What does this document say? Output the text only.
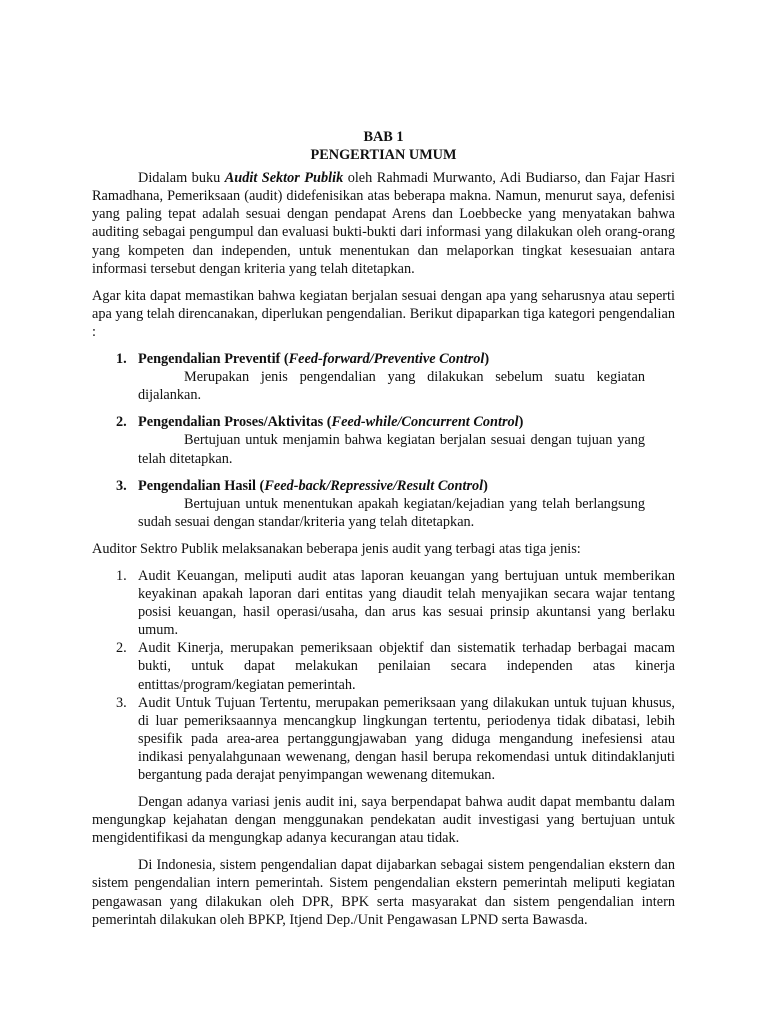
BAB 1
PENGERTIAN UMUM

Didalam buku Audit Sektor Publik oleh Rahmadi Murwanto, Adi Budiarso, dan Fajar Hasri Ramadhana, Pemeriksaan (audit) didefenisikan atas beberapa makna. Namun, menurut saya, defenisi yang paling tepat adalah sesuai dengan pendapat Arens dan Loebbecke yang menyatakan bahwa auditing sebagai pengumpul dan evaluasi bukti-bukti dari informasi yang dilakukan oleh orang-orang yang kompeten dan independen, untuk menentukan dan melaporkan tingkat kesesuaian antara informasi tersebut dengan kriteria yang telah ditetapkan.

Agar kita dapat memastikan bahwa kegiatan berjalan sesuai dengan apa yang seharusnya atau seperti apa yang telah direncanakan, diperlukan pengendalian. Berikut dipaparkan tiga kategori pengendalian :

1. Pengendalian Preventif (Feed-forward/Preventive Control)
Merupakan jenis pengendalian yang dilakukan sebelum suatu kegiatan dijalankan.
2. Pengendalian Proses/Aktivitas (Feed-while/Concurrent Control)
Bertujuan untuk menjamin bahwa kegiatan berjalan sesuai dengan tujuan yang telah ditetapkan.
3. Pengendalian Hasil (Feed-back/Repressive/Result Control)
Bertujuan untuk menentukan apakah kegiatan/kejadian yang telah berlangsung sudah sesuai dengan standar/kriteria yang telah ditetapkan.

Auditor Sektro Publik melaksanakan beberapa jenis audit yang terbagi atas tiga jenis:

1. Audit Keuangan, meliputi audit atas laporan keuangan yang bertujuan untuk memberikan keyakinan apakah laporan dari entitas yang diaudit telah menyajikan secara wajar tentang posisi keuangan, hasil operasi/usaha, dan arus kas sesuai prinsip akuntansi yang berlaku umum.
2. Audit Kinerja, merupakan pemeriksaan objektif dan sistematik terhadap berbagai macam bukti, untuk dapat melakukan penilaian secara independen atas kinerja entittas/program/kegiatan pemerintah.
3. Audit Untuk Tujuan Tertentu, merupakan pemeriksaan yang dilakukan untuk tujuan khusus, di luar pemeriksaannya mencangkup lingkungan tertentu, periodenya tidak dibatasi, lebih spesifik pada area-area pertanggungjawaban yang diduga mengandung inefesiensi atau indikasi penyalahgunaan wewenang, dengan hasil berupa rekomendasi untuk ditindaklanjuti bergantung pada derajat penyimpangan wewenang ditemukan.

Dengan adanya variasi jenis audit ini, saya berpendapat bahwa audit dapat membantu dalam mengungkap kejahatan dengan menggunakan pendekatan audit investigasi yang bertujuan untuk mengidentifikasi da mengungkap adanya kecurangan atau tidak.

Di Indonesia, sistem pengendalian dapat dijabarkan sebagai sistem pengendalian ekstern dan sistem pengendalian intern pemerintah. Sistem pengendalian ekstern pemerintah meliputi kegiatan pengawasan yang dilakukan oleh DPR, BPK serta masyarakat dan sistem pengendalian intern pemerintah dilakukan oleh BPKP, Itjend Dep./Unit Pengawasan LPND serta Bawasda.
